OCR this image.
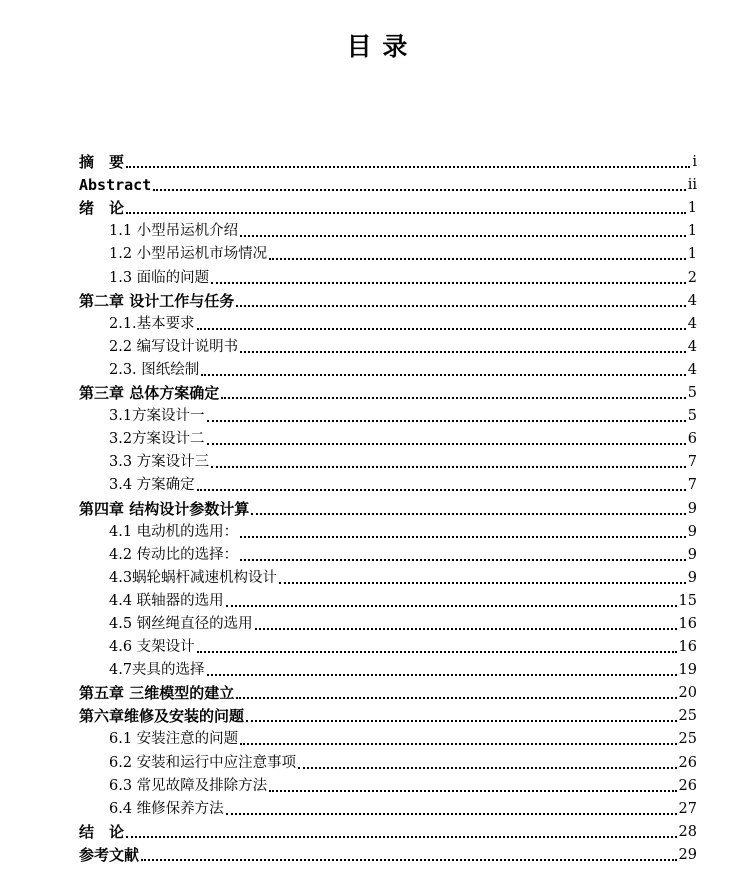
目 录
摘　要	i
Abstract	ii
绪　论	1
1.1 小型吊运机介绍	1
1.2 小型吊运机市场情况	1
1.3 面临的问题	2
第二章 设计工作与任务	4
2.1.基本要求	4
2.2 编写设计说明书	4
2.3. 图纸绘制	4
第三章 总体方案确定	5
3.1方案设计一	5
3.2方案设计二	6
3.3 方案设计三	7
3.4 方案确定	7
第四章 结构设计参数计算	9
4.1 电动机的选用：	9
4.2 传动比的选择：	9
4.3蜗轮蜗杆减速机构设计	9
4.4 联轴器的选用	15
4.5 钢丝绳直径的选用	16
4.6 支架设计	16
4.7夹具的选择	19
第五章 三维模型的建立	20
第六章维修及安装的问题	25
6.1 安装注意的问题	25
6.2 安装和运行中应注意事项	26
6.3 常见故障及排除方法	26
6.4 维修保养方法	27
结　论	28
参考文献	29
